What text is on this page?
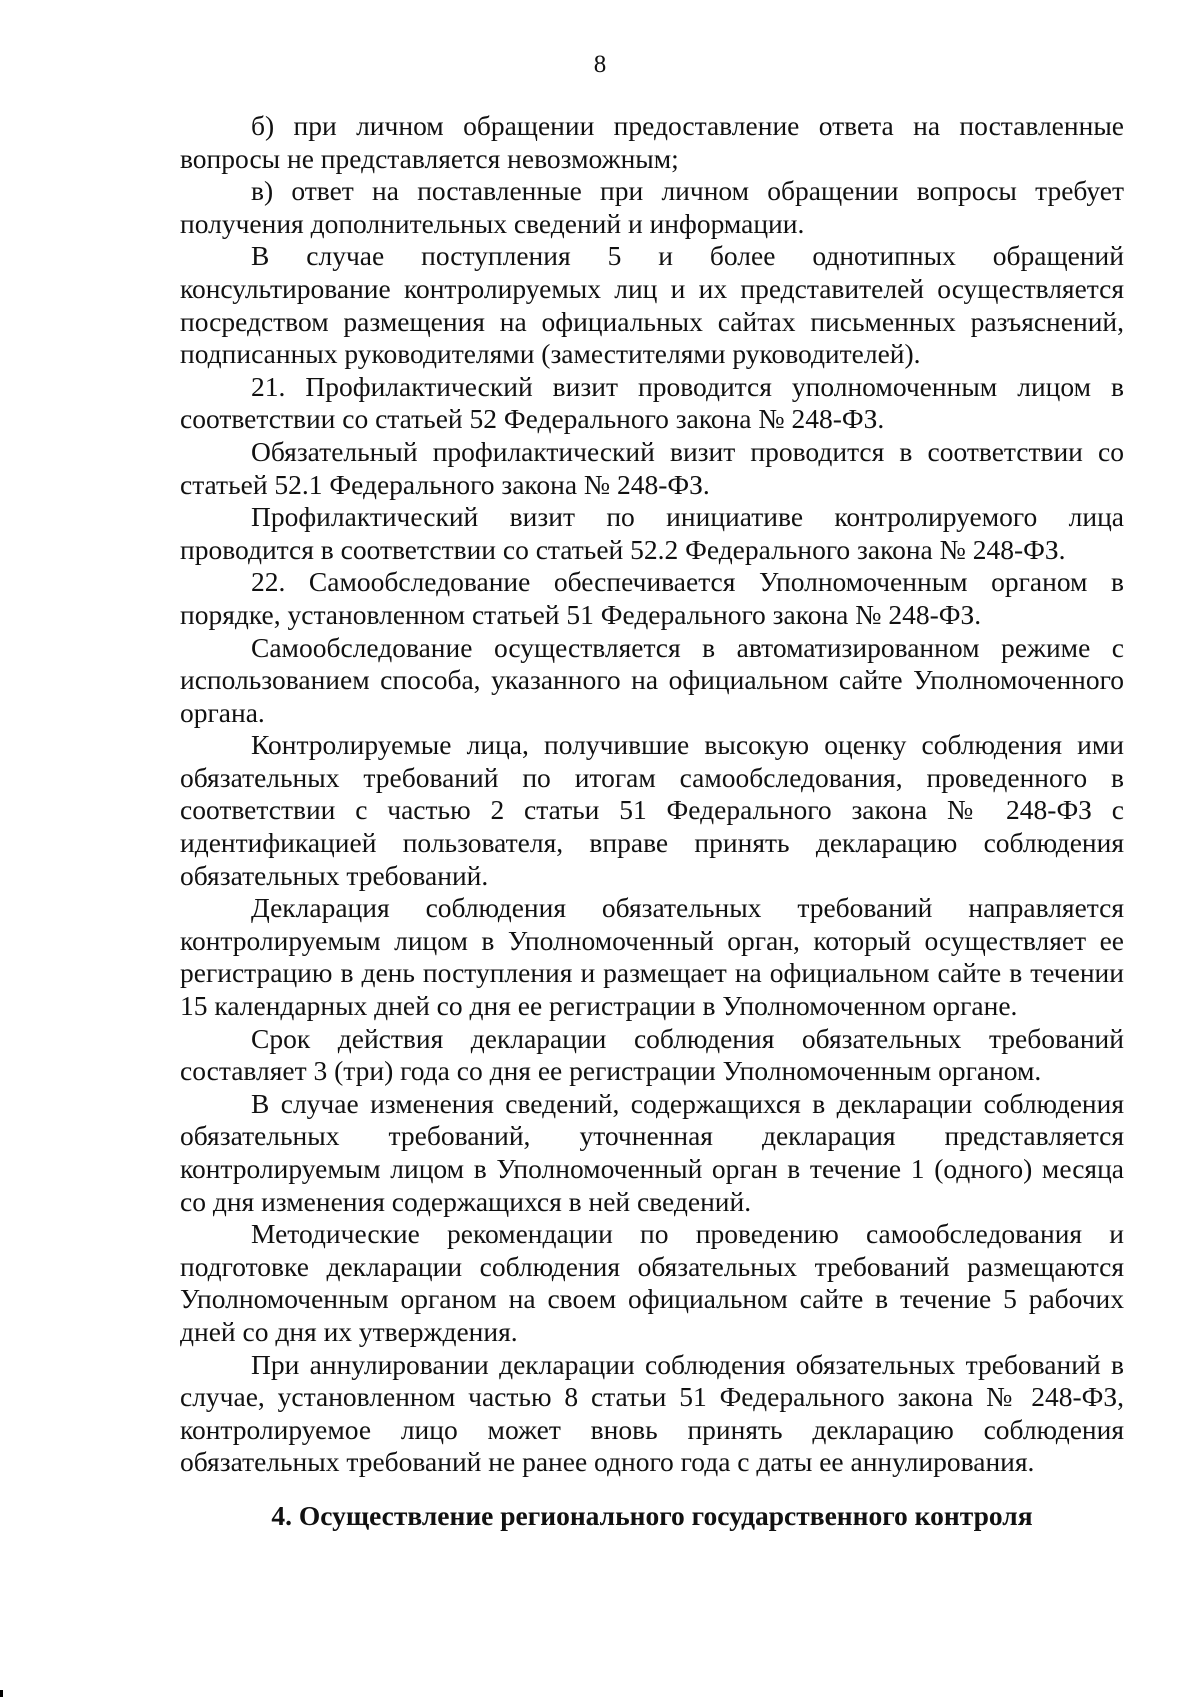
8

б) при личном обращении предоставление ответа на поставленные вопросы не представляется невозможным;

в) ответ на поставленные при личном обращении вопросы требует получения дополнительных сведений и информации.

В случае поступления 5 и более однотипных обращений консультирование контролируемых лиц и их представителей осуществляется посредством размещения на официальных сайтах письменных разъяснений, подписанных руководителями (заместителями руководителей).

21. Профилактический визит проводится уполномоченным лицом в соответствии со статьей 52 Федерального закона № 248-ФЗ.

Обязательный профилактический визит проводится в соответствии со статьей 52.1 Федерального закона № 248-ФЗ.

Профилактический визит по инициативе контролируемого лица проводится в соответствии со статьей 52.2 Федерального закона № 248-ФЗ.

22. Самообследование обеспечивается Уполномоченным органом в порядке, установленном статьей 51 Федерального закона № 248-ФЗ.

Самообследование осуществляется в автоматизированном режиме с использованием способа, указанного на официальном сайте Уполномоченного органа.

Контролируемые лица, получившие высокую оценку соблюдения ими обязательных требований по итогам самообследования, проведенного в соответствии с частью 2 статьи 51 Федерального закона № 248-ФЗ с идентификацией пользователя, вправе принять декларацию соблюдения обязательных требований.

Декларация соблюдения обязательных требований направляется контролируемым лицом в Уполномоченный орган, который осуществляет ее регистрацию в день поступления и размещает на официальном сайте в течении 15 календарных дней со дня ее регистрации в Уполномоченном органе.

Срок действия декларации соблюдения обязательных требований составляет 3 (три) года со дня ее регистрации Уполномоченным органом.

В случае изменения сведений, содержащихся в декларации соблюдения обязательных требований, уточненная декларация представляется контролируемым лицом в Уполномоченный орган в течение 1 (одного) месяца со дня изменения содержащихся в ней сведений.

Методические рекомендации по проведению самообследования и подготовке декларации соблюдения обязательных требований размещаются Уполномоченным органом на своем официальном сайте в течение 5 рабочих дней со дня их утверждения.

При аннулировании декларации соблюдения обязательных требований в случае, установленном частью 8 статьи 51 Федерального закона № 248-ФЗ, контролируемое лицо может вновь принять декларацию соблюдения обязательных требований не ранее одного года с даты ее аннулирования.

4. Осуществление регионального государственного контроля
